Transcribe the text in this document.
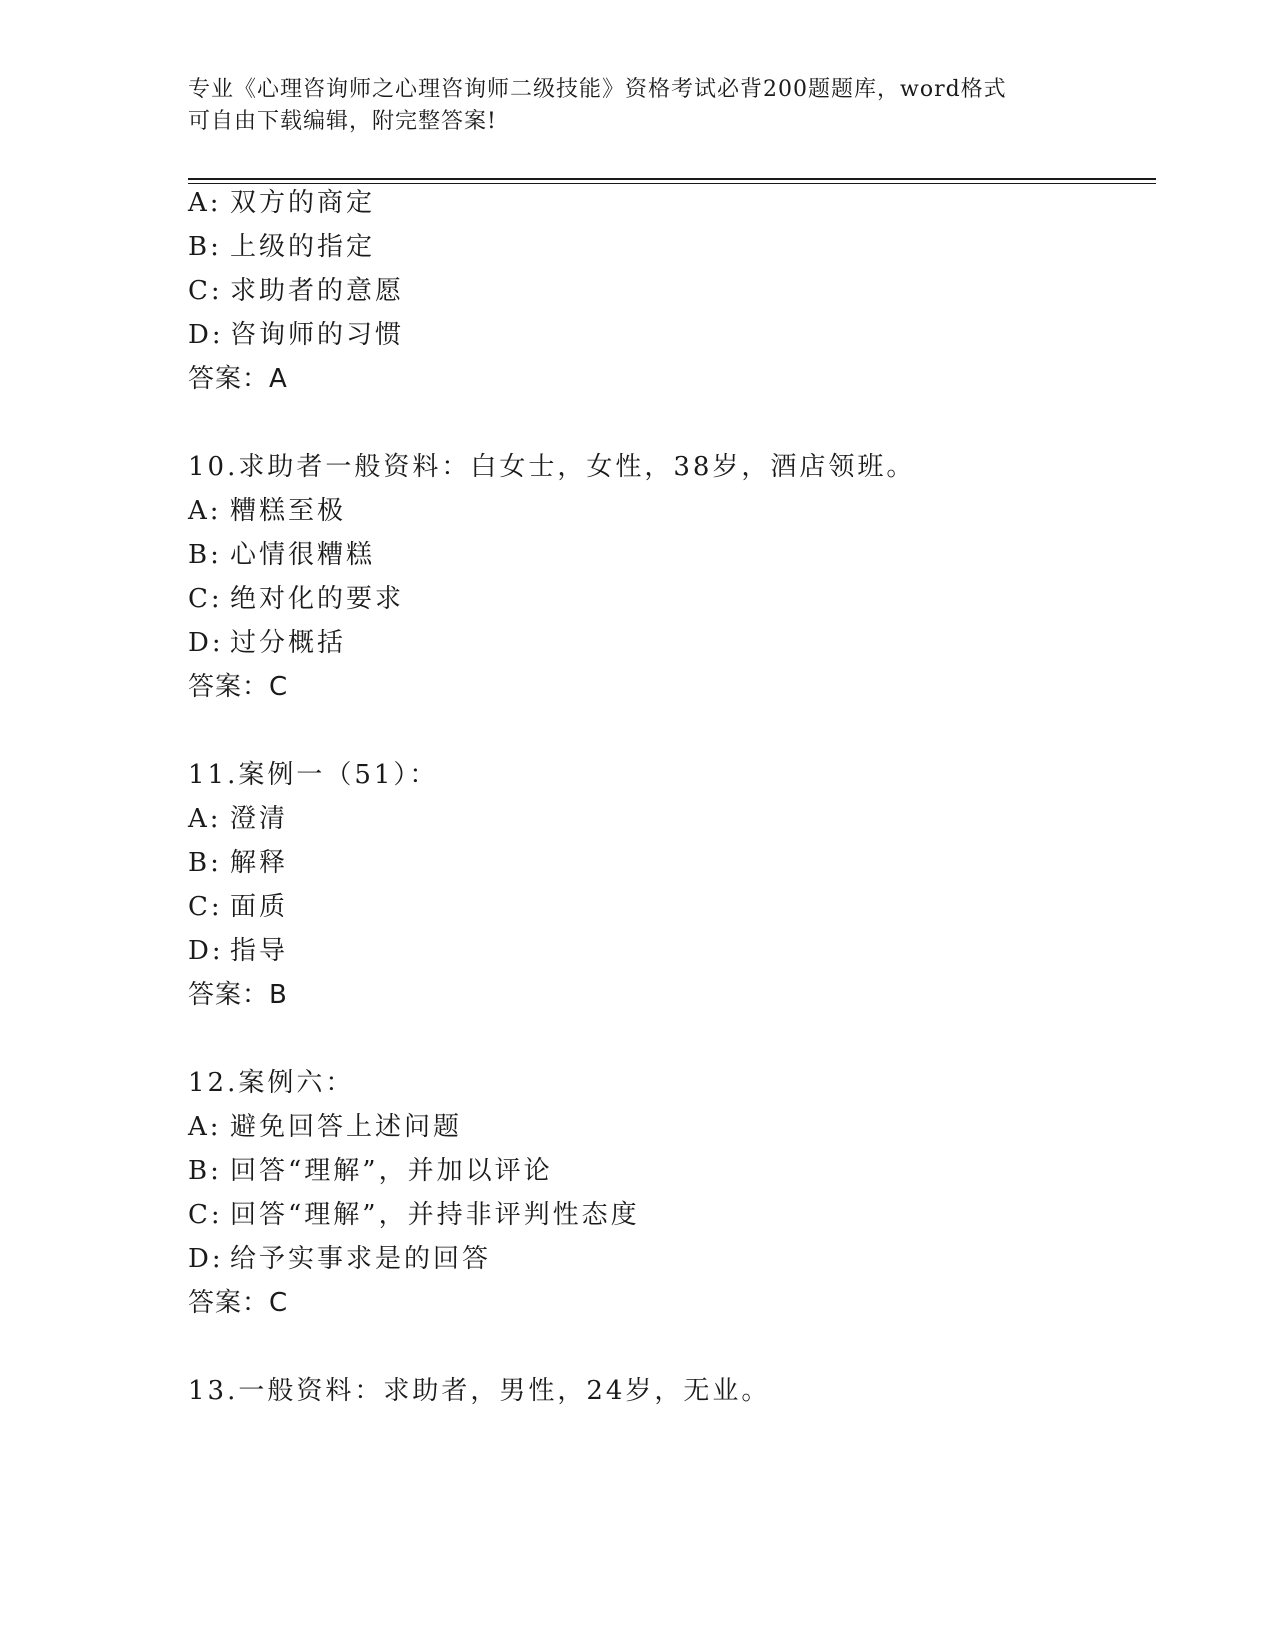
专业《心理咨询师之心理咨询师二级技能》资格考试必背200题题库，word格式
可自由下载编辑，附完整答案!
A: 双方的商定
B: 上级的指定
C: 求助者的意愿
D: 咨询师的习惯
答案：A
10.求助者一般资料：白女士，女性，38岁，酒店领班。
A: 糟糕至极
B: 心情很糟糕
C: 绝对化的要求
D: 过分概括
答案：C
11.案例一（51）：
A: 澄清
B: 解释
C: 面质
D: 指导
答案：B
12.案例六：
A: 避免回答上述问题
B: 回答“理解”，并加以评论
C: 回答“理解”，并持非评判性态度
D: 给予实事求是的回答
答案：C
13.一般资料：求助者，男性，24岁，无业。
